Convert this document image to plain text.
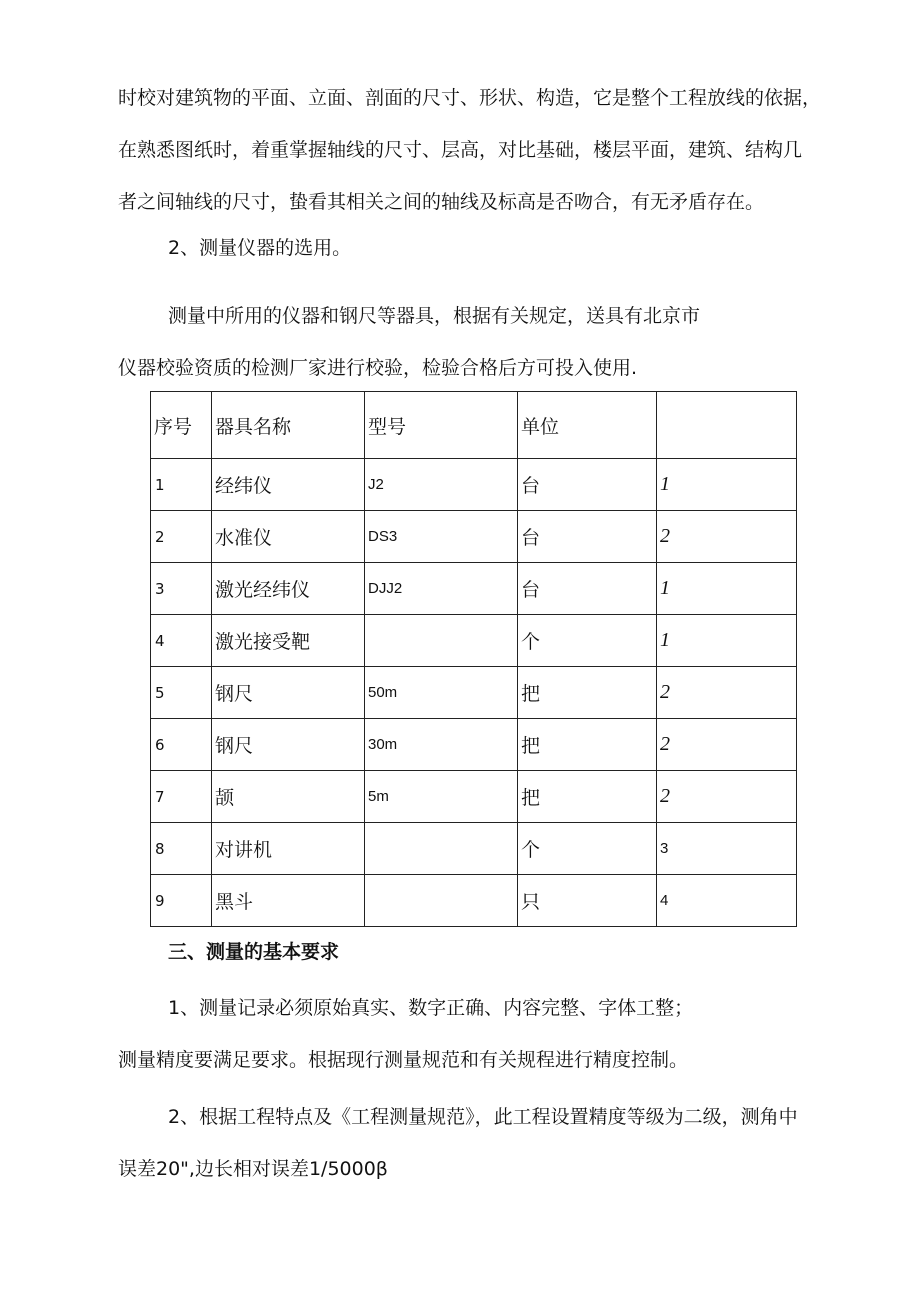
时校对建筑物的平面、立面、剖面的尺寸、形状、构造，它是整个工程放线的依据，
在熟悉图纸时，着重掌握轴线的尺寸、层高，对比基础，楼层平面，建筑、结构几
者之间轴线的尺寸，蛰看其相关之间的轴线及标高是否吻合，有无矛盾存在。

2、测量仪器的选用。

测量中所用的仪器和钢尺等器具，根据有关规定，送具有北京市
仪器校验资质的检测厂家进行校验，检验合格后方可投入使用.

序号	器具名称	型号	单位	
1	经纬仪	J2	台	1
2	水准仪	DS3	台	2
3	激光经纬仪	DJJ2	台	1
4	激光接受靶		个	1
5	钢尺	50m	把	2
6	钢尺	30m	把	2
7	颉	5m	把	2
8	对讲机		个	3
9	黑斗		只	4

三、测量的基本要求

1、测量记录必须原始真实、数字正确、内容完整、字体工整；
测量精度要满足要求。根据现行测量规范和有关规程进行精度控制。

2、根据工程特点及《工程测量规范》，此工程设置精度等级为二级，测角中
误差20",边长相对误差1∕5000β
